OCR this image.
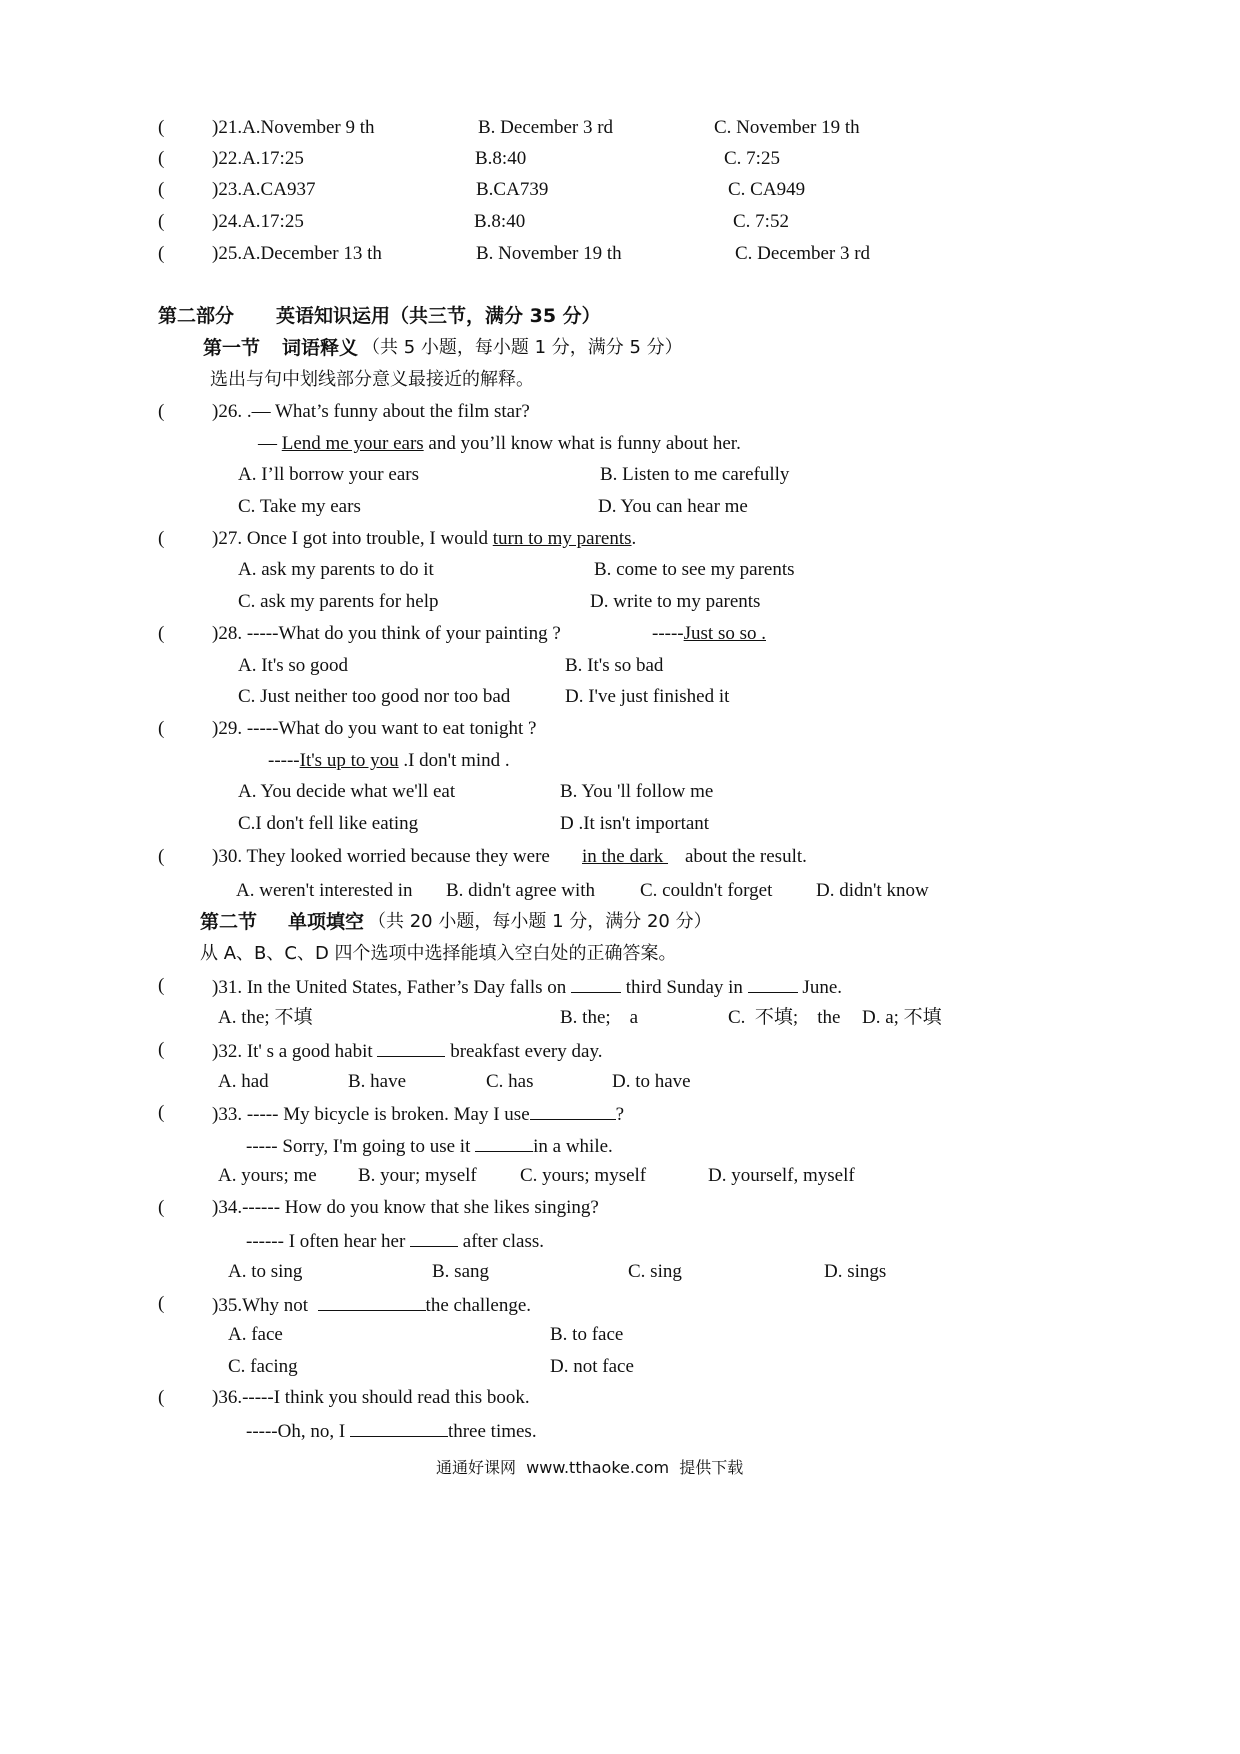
(	)21.A.November 9 th	B. December 3 rd	C. November 19 th
(	)22.A.17:25	B.8:40	C. 7:25
(	)23.A.CA937	B.CA739	C. CA949
(	)24.A.17:25	B.8:40	C. 7:52
(	)25.A.December 13 th	B. November 19 th	C. December 3 rd
第二部分 英语知识运用（共三节，满分 35 分）
第一节 词语释义 （共 5 小题，每小题 1 分，满分 5 分）
选出与句中划线部分意义最接近的解释。
(	)26. .— What’s funny about the film star?
— Lend me your ears and you’ll know what is funny about her.
A. I’ll borrow your ears	B. Listen to me carefully
C. Take my ears	D. You can hear me
(	)27. Once I got into trouble, I would turn to my parents.
A. ask my parents to do it	B. come to see my parents
C. ask my parents for help	D. write to my parents
(	)28. -----What do you think of your painting ?	-----Just so so .
A. It's so good	B. It's so bad
C. Just neither too good nor too bad	D. I've just finished it
(	)29. -----What do you want to eat tonight ?
-----It's up to you .I don't mind .
A. You decide what we'll eat	B. You 'll follow me
C.I don't fell like eating	D .It isn't important
(	)30. They looked worried because they were in the dark about the result.
A. weren't interested in B. didn't agree with C. couldn't forget D. didn't know
第二节 单项填空 （共 20 小题，每小题 1 分，满分 20 分）
从 A、B、C、D 四个选项中选择能填入空白处的正确答案。
(	)31. In the United States, Father’s Day falls on	third Sunday in	June.
A. the; 不填	B. the;    a	C.  不填;    the D. a; 不填
(	)32. It' s a good habit	breakfast every day.
A. had	B. have	C. has	D. to have
(	)33. ----- My bicycle is broken. May I use	?
----- Sorry, I'm going to use it	in a while.
A. yours; me B. your; myself C. yours; myself	D. yourself, myself
(	)34.------ How do you know that she likes singing?
------ I often hear her	after class.
A. to sing	B. sang	C. sing	D. sings
(	)35.Why not	the challenge.
A. face	B. to face
C. facing	D. not face
(	)36.-----I think you should read this book.
-----Oh, no, I	three times.
通通好课网  www.tthaoke.com  提供下载
